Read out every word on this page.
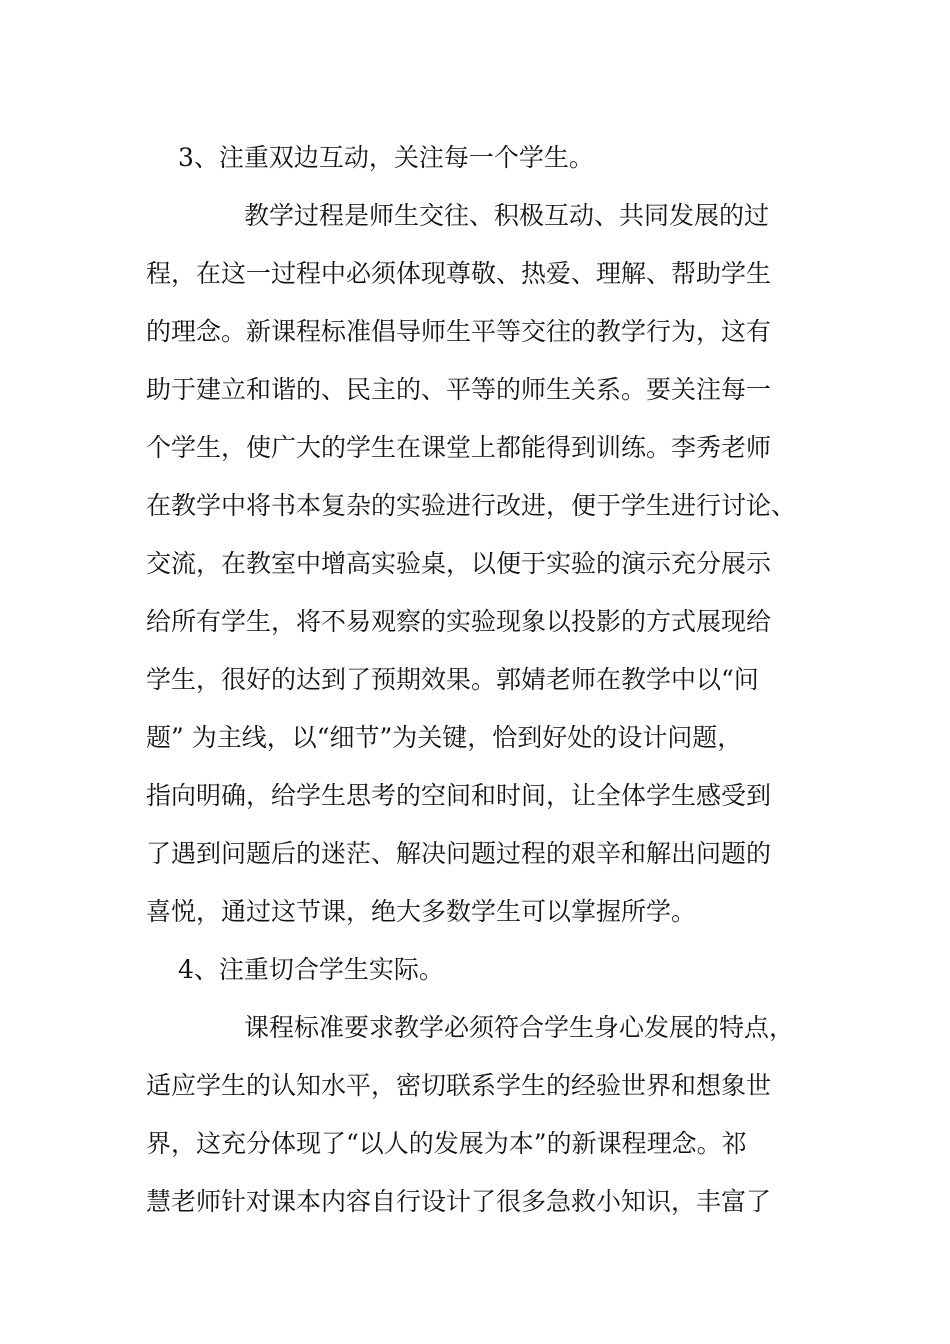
3、注重双边互动，关注每一个学生。
教学过程是师生交往、积极互动、共同发展的过
程，在这一过程中必须体现尊敬、热爱、理解、帮助学生
的理念。新课程标准倡导师生平等交往的教学行为，这有
助于建立和谐的、民主的、平等的师生关系。要关注每一
个学生，使广大的学生在课堂上都能得到训练。李秀老师
在教学中将书本复杂的实验进行改进，便于学生进行讨论、
交流，在教室中增高实验桌，以便于实验的演示充分展示
给所有学生，将不易观察的实验现象以投影的方式展现给
学生，很好的达到了预期效果。郭婧老师在教学中以“问
题” 为主线，以“细节”为关键，恰到好处的设计问题，
指向明确，给学生思考的空间和时间，让全体学生感受到
了遇到问题后的迷茫、解决问题过程的艰辛和解出问题的
喜悦，通过这节课，绝大多数学生可以掌握所学。
4、注重切合学生实际。
课程标准要求教学必须符合学生身心发展的特点，
适应学生的认知水平，密切联系学生的经验世界和想象世
界，这充分体现了“以人的发展为本”的新课程理念。祁
慧老师针对课本内容自行设计了很多急救小知识，丰富了
